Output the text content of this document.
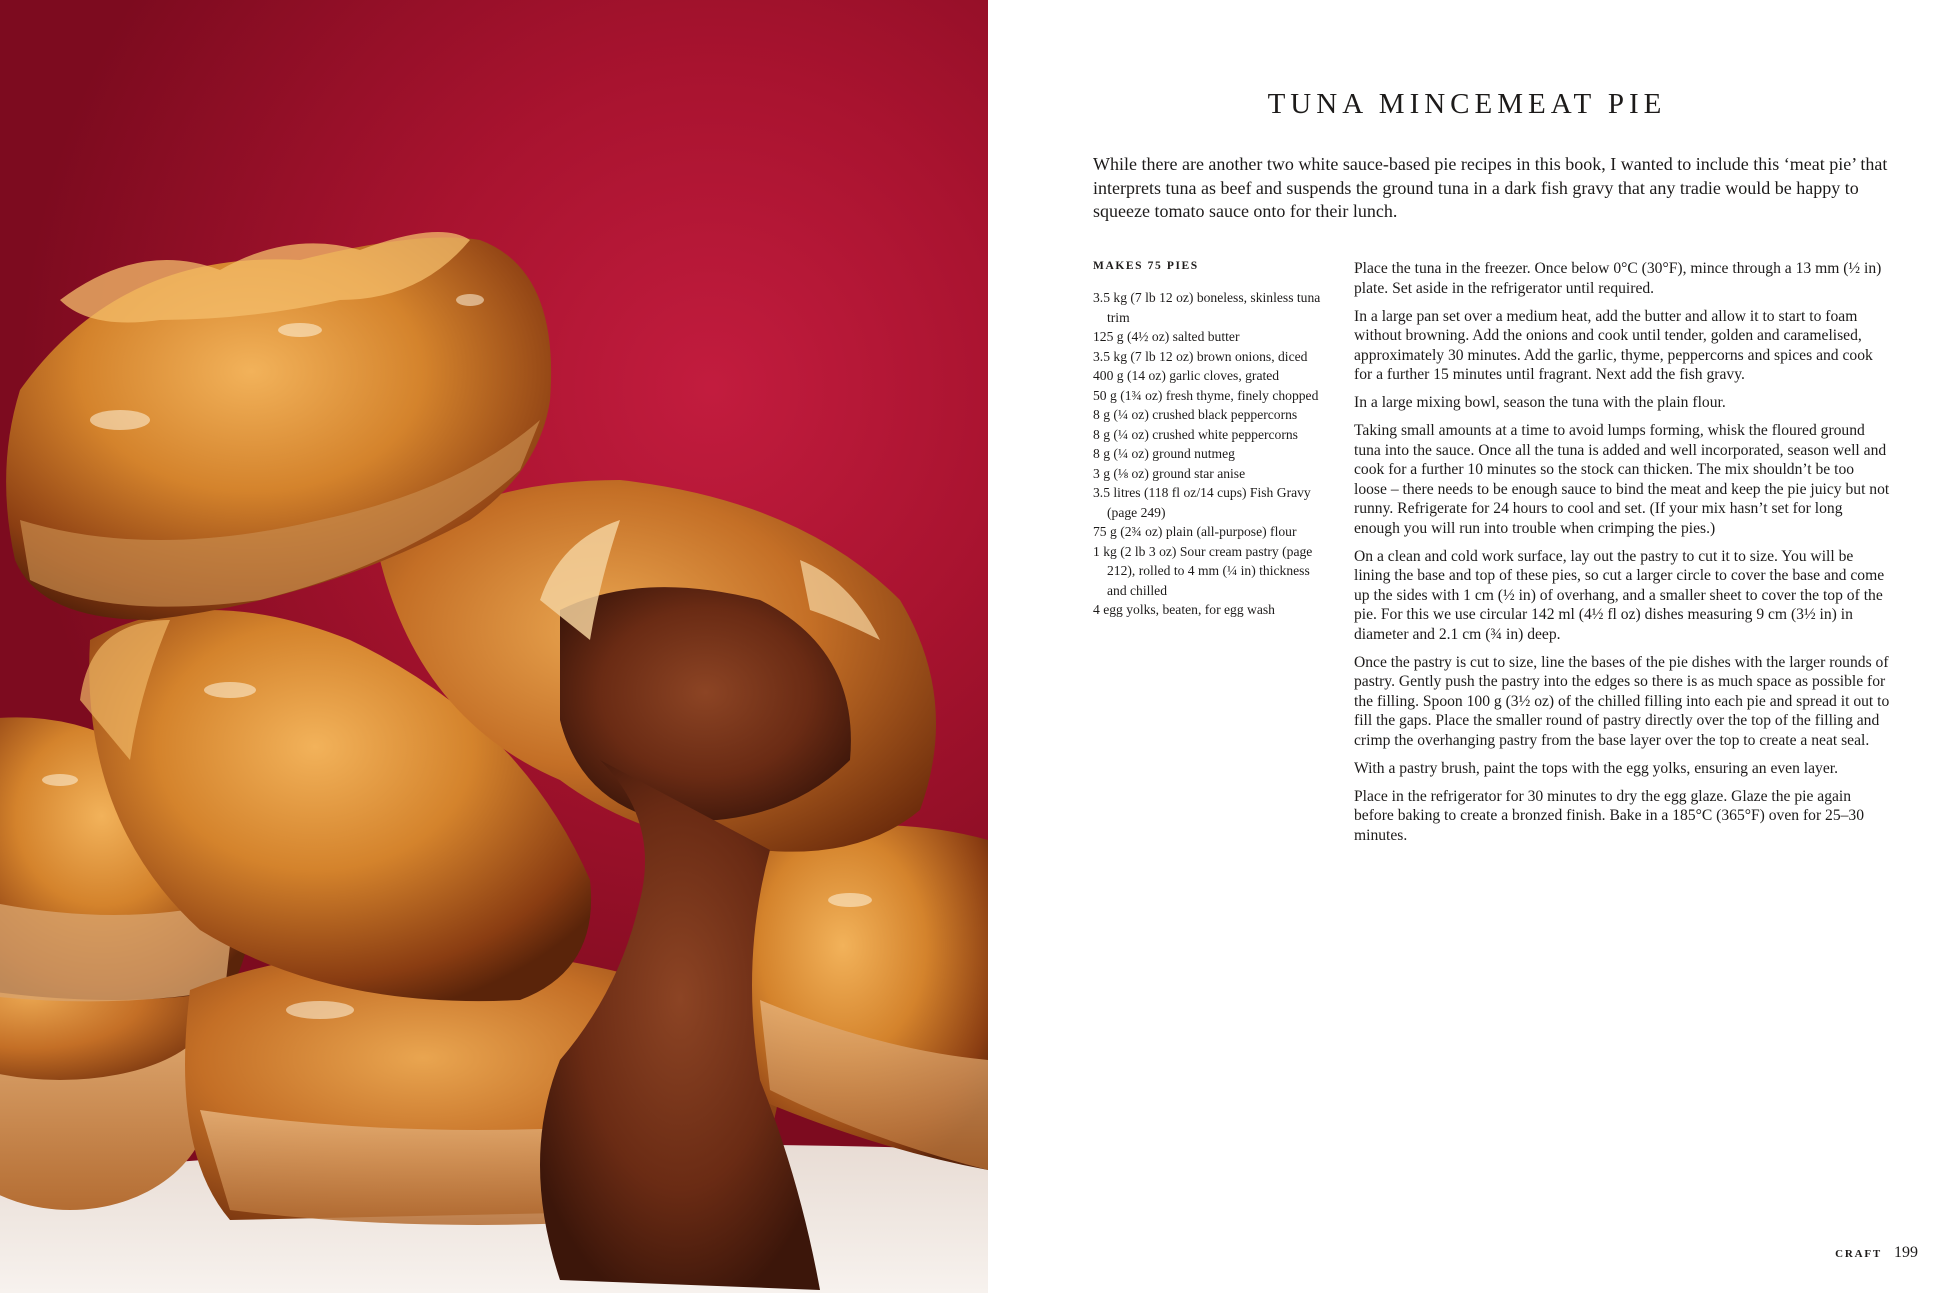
TUNA MINCEMEAT PIE

While there are another two white sauce-based pie recipes in this book, I wanted to include this ‘meat pie’ that interprets tuna as beef and suspends the ground tuna in a dark fish gravy that any tradie would be happy to squeeze tomato sauce onto for their lunch.

MAKES 75 PIES

3.5 kg (7 lb 12 oz) boneless, skinless tuna trim
125 g (4½ oz) salted butter
3.5 kg (7 lb 12 oz) brown onions, diced
400 g (14 oz) garlic cloves, grated
50 g (1¾ oz) fresh thyme, finely chopped
8 g (¼ oz) crushed black peppercorns
8 g (¼ oz) crushed white peppercorns
8 g (¼ oz) ground nutmeg
3 g (⅛ oz) ground star anise
3.5 litres (118 fl oz/14 cups) Fish Gravy (page 249)
75 g (2¾ oz) plain (all-purpose) flour
1 kg (2 lb 3 oz) Sour cream pastry (page 212), rolled to 4 mm (¼ in) thickness and chilled
4 egg yolks, beaten, for egg wash

Place the tuna in the freezer. Once below 0°C (30°F), mince through a 13 mm (½ in) plate. Set aside in the refrigerator until required.

In a large pan set over a medium heat, add the butter and allow it to start to foam without browning. Add the onions and cook until tender, golden and caramelised, approximately 30 minutes. Add the garlic, thyme, peppercorns and spices and cook for a further 15 minutes until fragrant. Next add the fish gravy.

In a large mixing bowl, season the tuna with the plain flour.

Taking small amounts at a time to avoid lumps forming, whisk the floured ground tuna into the sauce. Once all the tuna is added and well incorporated, season well and cook for a further 10 minutes so the stock can thicken. The mix shouldn’t be too loose – there needs to be enough sauce to bind the meat and keep the pie juicy but not runny. Refrigerate for 24 hours to cool and set. (If your mix hasn’t set for long enough you will run into trouble when crimping the pies.)

On a clean and cold work surface, lay out the pastry to cut it to size. You will be lining the base and top of these pies, so cut a larger circle to cover the base and come up the sides with 1 cm (½ in) of overhang, and a smaller sheet to cover the top of the pie. For this we use circular 142 ml (4½ fl oz) dishes measuring 9 cm (3½ in) in diameter and 2.1 cm (¾ in) deep.

Once the pastry is cut to size, line the bases of the pie dishes with the larger rounds of pastry. Gently push the pastry into the edges so there is as much space as possible for the filling. Spoon 100 g (3½ oz) of the chilled filling into each pie and spread it out to fill the gaps. Place the smaller round of pastry directly over the top of the filling and crimp the overhanging pastry from the base layer over the top to create a neat seal.

With a pastry brush, paint the tops with the egg yolks, ensuring an even layer.

Place in the refrigerator for 30 minutes to dry the egg glaze. Glaze the pie again before baking to create a bronzed finish. Bake in a 185°C (365°F) oven for 25–30 minutes.

CRAFT 199
